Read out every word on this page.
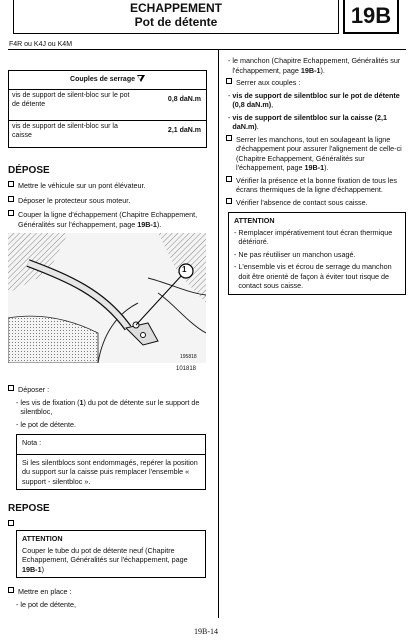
ECHAPPEMENT
Pot de détente	19B
F4R ou K4J ou K4M
Couples de serrage
vis de support de silent-bloc sur le pot de détente
0,8 daN.m
vis de support de silent-bloc sur la caisse
2,1 daN.m
DÉPOSE
Mettre le véhicule sur un pont élévateur.
Déposer le protecteur sous moteur.
Couper la ligne d'échappement (Chapitre Echappement, Généralités sur l'échappement, page 19B-1).
1
195818
101818
Déposer :
- les vis de fixation (1) du pot de détente sur le support de silentbloc,
- le pot de détente.
Nota :
Si les silentblocs sont endommagés, repérer la position du support sur la caisse puis remplacer l'ensemble « support - silentbloc ».
REPOSE
ATTENTION
Couper le tube du pot de détente neuf (Chapitre Echappement, Généralités sur l'échappement, page 19B-1)
Mettre en place :
- le pot de détente,
- le manchon (Chapitre Echappement, Généralités sur l'échappement, page 19B-1).
Serrer aux couples :
- vis de support de silentbloc sur le pot de détente (0,8 daN.m),
- vis de support de silentbloc sur la caisse (2,1 daN.m).
Serrer les manchons, tout en soulageant la ligne d'échappement pour assurer l'alignement de celle-ci (Chapitre Echappement, Généralités sur l'échappement, page 19B-1).
Vérifier la présence et la bonne fixation de tous les écrans thermiques de la ligne d'échappement.
Vérifier l'absence de contact sous caisse.
ATTENTION
- Remplacer impérativement tout écran thermique détérioré.
- Ne pas réutiliser un manchon usagé.
- L'ensemble vis et écrou de serrage du manchon doit être orienté de façon à éviter tout risque de contact sous caisse.
19B-14
